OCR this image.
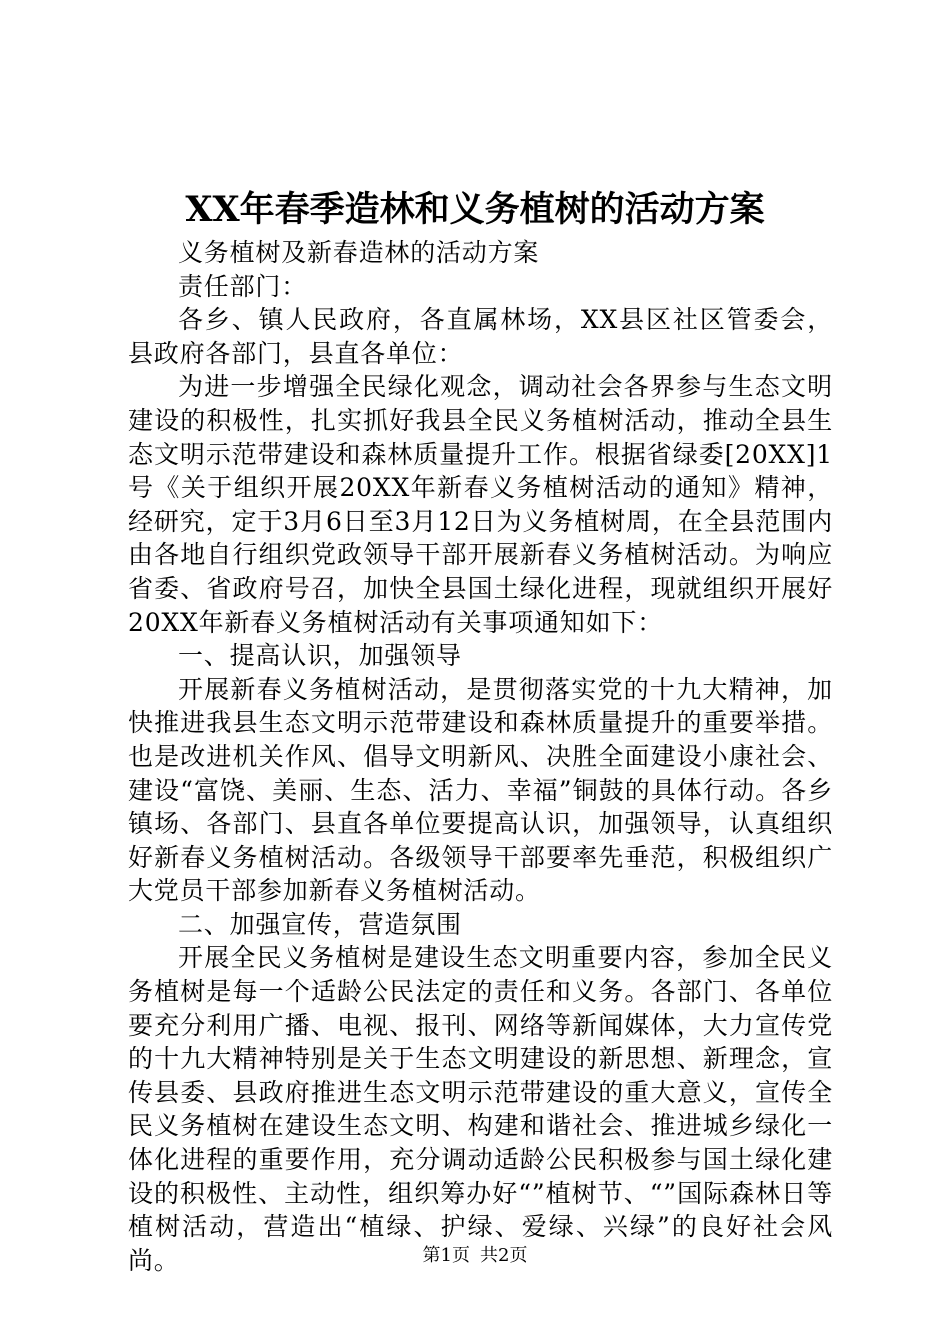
XX年春季造林和义务植树的活动方案

义务植树及新春造林的活动方案

责任部门：

各乡、镇人民政府，各直属林场，XX县区社区管委会，县政府各部门，县直各单位：

为进一步增强全民绿化观念，调动社会各界参与生态文明建设的积极性，扎实抓好我县全民义务植树活动，推动全县生态文明示范带建设和森林质量提升工作。根据省绿委[20XX]1号《关于组织开展20XX年新春义务植树活动的通知》精神，经研究，定于3月6日至3月12日为义务植树周，在全县范围内由各地自行组织党政领导干部开展新春义务植树活动。为响应省委、省政府号召，加快全县国土绿化进程，现就组织开展好20XX年新春义务植树活动有关事项通知如下：

一、提高认识，加强领导

开展新春义务植树活动，是贯彻落实党的十九大精神，加快推进我县生态文明示范带建设和森林质量提升的重要举措。也是改进机关作风、倡导文明新风、决胜全面建设小康社会、建设“富饶、美丽、生态、活力、幸福”铜鼓的具体行动。各乡镇场、各部门、县直各单位要提高认识，加强领导，认真组织好新春义务植树活动。各级领导干部要率先垂范，积极组织广大党员干部参加新春义务植树活动。

二、加强宣传，营造氛围

开展全民义务植树是建设生态文明重要内容，参加全民义务植树是每一个适龄公民法定的责任和义务。各部门、各单位要充分利用广播、电视、报刊、网络等新闻媒体，大力宣传党的十九大精神特别是关于生态文明建设的新思想、新理念，宣传县委、县政府推进生态文明示范带建设的重大意义，宣传全民义务植树在建设生态文明、构建和谐社会、推进城乡绿化一体化进程的重要作用，充分调动适龄公民积极参与国土绿化建设的积极性、主动性，组织筹办好“”植树节、“”国际森林日等植树活动，营造出“植绿、护绿、爱绿、兴绿”的良好社会风尚。	第1页 共2页
